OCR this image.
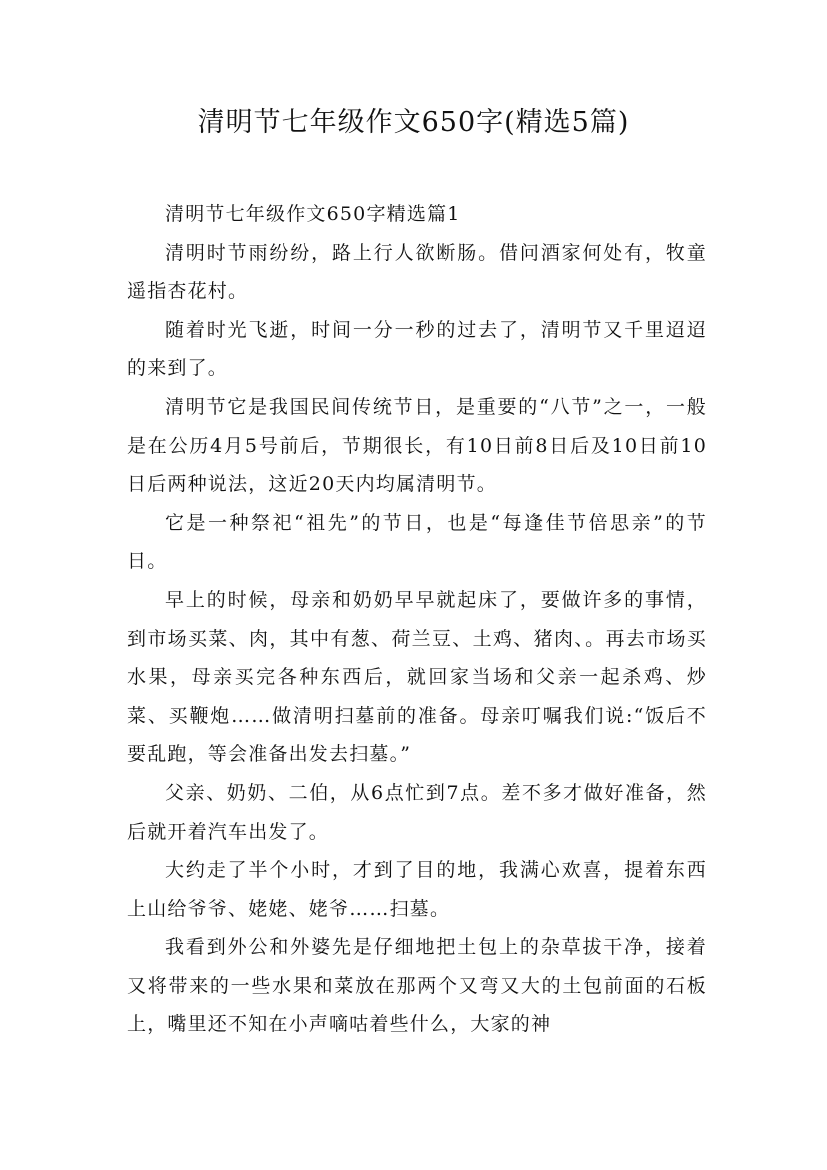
清明节七年级作文650字(精选5篇)

清明节七年级作文650字精选篇1

清明时节雨纷纷，路上行人欲断肠。借问酒家何处有，牧童遥指杏花村。

随着时光飞逝，时间一分一秒的过去了，清明节又千里迢迢的来到了。

清明节它是我国民间传统节日，是重要的“八节”之一，一般是在公历4月5号前后，节期很长，有10日前8日后及10日前10日后两种说法，这近20天内均属清明节。

它是一种祭祀“祖先”的节日，也是“每逢佳节倍思亲”的节日。

早上的时候，母亲和奶奶早早就起床了，要做许多的事情，到市场买菜、肉，其中有葱、荷兰豆、土鸡、猪肉、。再去市场买水果，母亲买完各种东西后，就回家当场和父亲一起杀鸡、炒菜、买鞭炮……做清明扫墓前的准备。母亲叮嘱我们说:“饭后不要乱跑，等会准备出发去扫墓。”

父亲、奶奶、二伯，从6点忙到7点。差不多才做好准备，然后就开着汽车出发了。

大约走了半个小时，才到了目的地，我满心欢喜，提着东西上山给爷爷、姥姥、姥爷……扫墓。

我看到外公和外婆先是仔细地把土包上的杂草拔干净，接着又将带来的一些水果和菜放在那两个又弯又大的土包前面的石板上，嘴里还不知在小声嘀咕着些什么，大家的神
